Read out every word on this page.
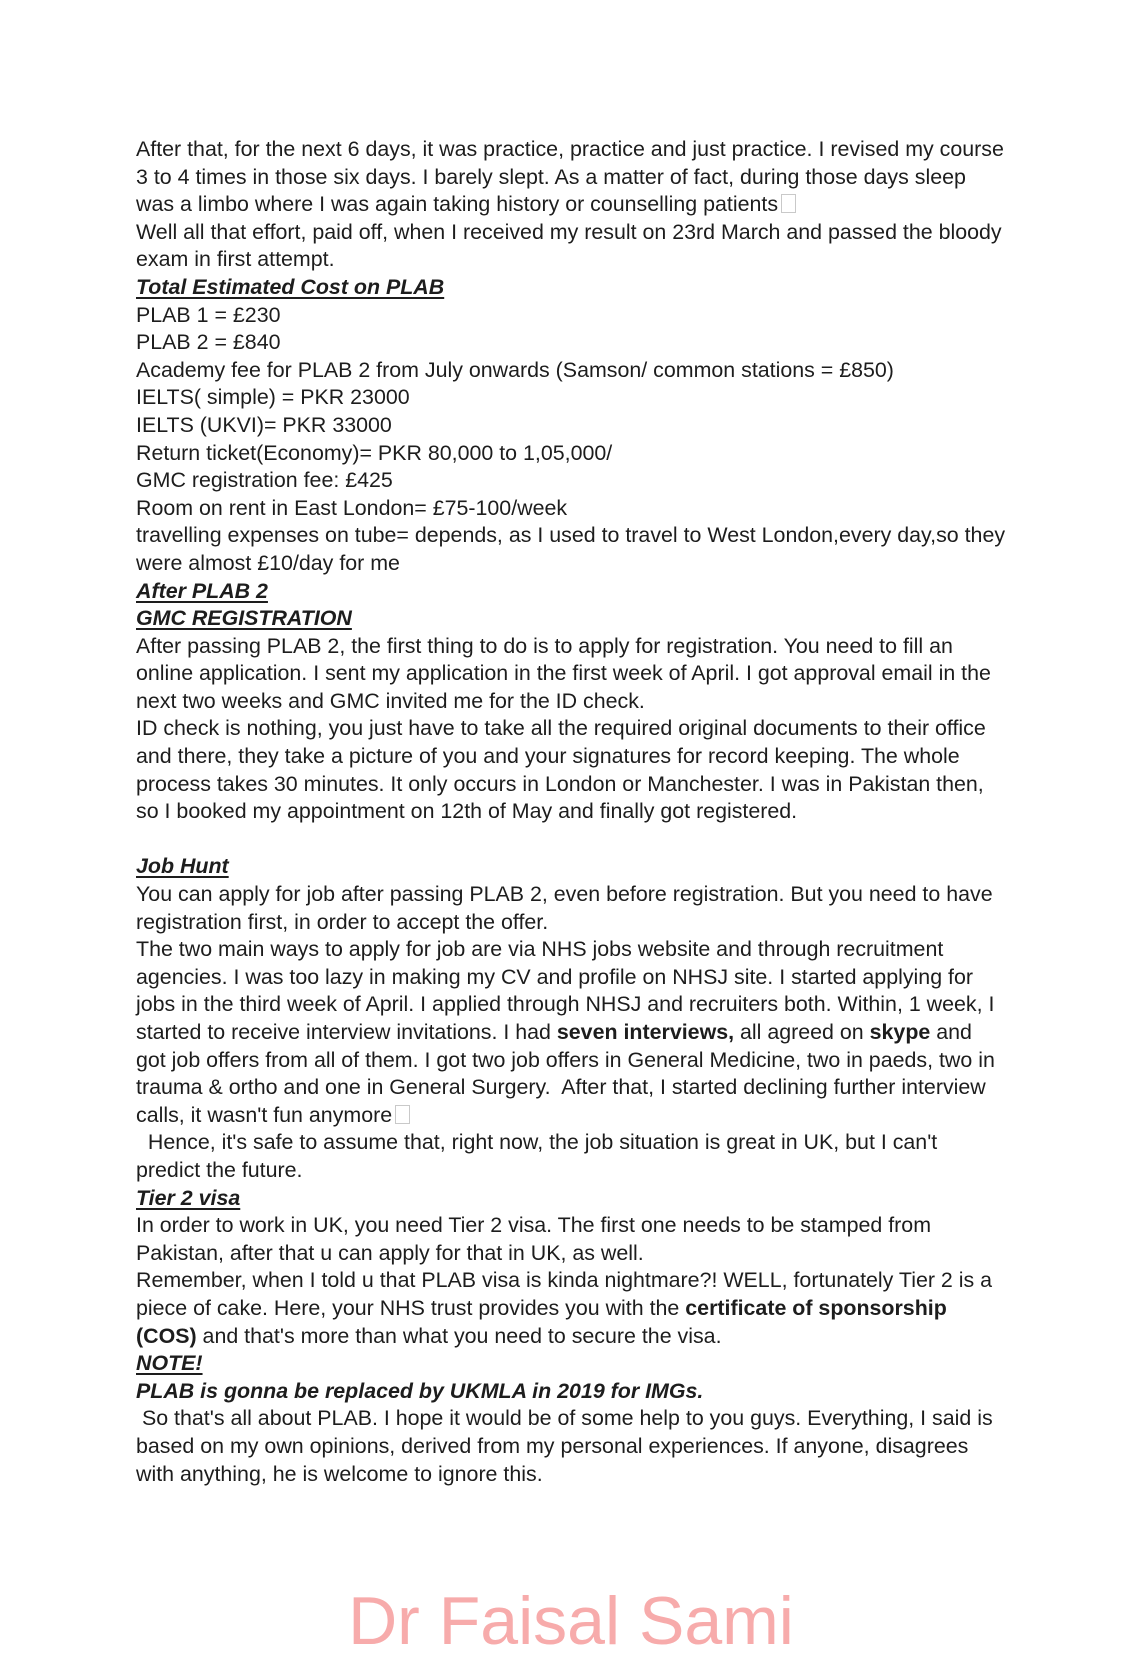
After that, for the next 6 days, it was practice, practice and just practice. I revised my course 3 to 4 times in those six days. I barely slept. As a matter of fact, during those days sleep was a limbo where I was again taking history or counselling patients

Well all that effort, paid off, when I received my result on 23rd March and passed the bloody exam in first attempt.

Total Estimated Cost on PLAB

PLAB 1 = £230

PLAB 2 = £840

Academy fee for PLAB 2 from July onwards (Samson/ common stations = £850)

IELTS( simple) = PKR 23000

IELTS (UKVI)= PKR 33000

Return ticket(Economy)= PKR 80,000 to 1,05,000/

GMC registration fee: £425

Room on rent in East London= £75-100/week

travelling expenses on tube= depends, as I used to travel to West London,every day,so they were almost £10/day for me

After PLAB 2

GMC REGISTRATION

After passing PLAB 2, the first thing to do is to apply for registration. You need to fill an online application. I sent my application in the first week of April. I got approval email in the next two weeks and GMC invited me for the ID check.

ID check is nothing, you just have to take all the required original documents to their office and there, they take a picture of you and your signatures for record keeping. The whole process takes 30 minutes. It only occurs in London or Manchester. I was in Pakistan then, so I booked my appointment on 12th of May and finally got registered.

Job Hunt

You can apply for job after passing PLAB 2, even before registration. But you need to have registration first, in order to accept the offer.

The two main ways to apply for job are via NHS jobs website and through recruitment agencies. I was too lazy in making my CV and profile on NHSJ site. I started applying for jobs in the third week of April. I applied through NHSJ and recruiters both. Within, 1 week, I started to receive interview invitations. I had seven interviews, all agreed on skype and got job offers from all of them. I got two job offers in General Medicine, two in paeds, two in trauma & ortho and one in General Surgery.  After that, I started declining further interview calls, it wasn't fun anymore

Hence, it's safe to assume that, right now, the job situation is great in UK, but I can't predict the future.

Tier 2 visa

In order to work in UK, you need Tier 2 visa. The first one needs to be stamped from Pakistan, after that u can apply for that in UK, as well.

Remember, when I told u that PLAB visa is kinda nightmare?! WELL, fortunately Tier 2 is a piece of cake. Here, your NHS trust provides you with the certificate of sponsorship (COS) and that's more than what you need to secure the visa.

NOTE!

PLAB is gonna be replaced by UKMLA in 2019 for IMGs.

So that's all about PLAB. I hope it would be of some help to you guys. Everything, I said is based on my own opinions, derived from my personal experiences. If anyone, disagrees with anything, he is welcome to ignore this.

Dr Faisal Sami
